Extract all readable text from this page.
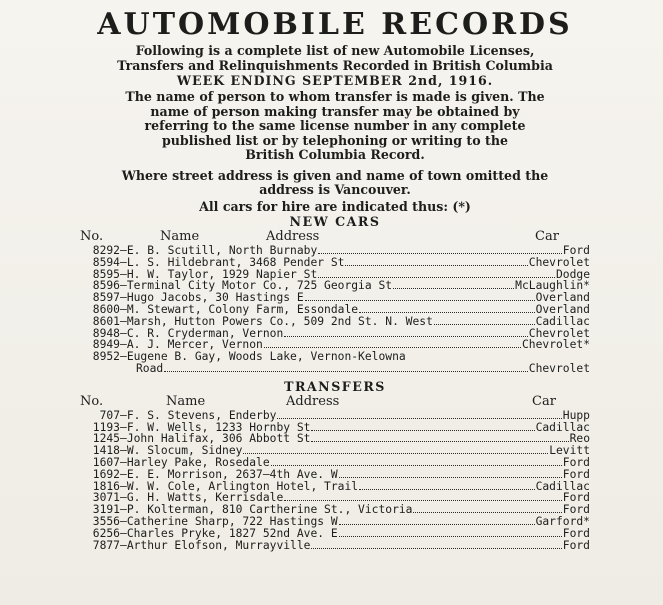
AUTOMOBILE RECORDS
Following is a complete list of new Automobile Licenses,
Transfers and Relinquishments Recorded in British Columbia
WEEK ENDING SEPTEMBER 2nd, 1916.
The name of person to whom transfer is made is given. The
name of person making transfer may be obtained by
referring to the same license number in any complete
published list or by telephoning or writing to the
British Columbia Record.
Where street address is given and name of town omitted the
address is Vancouver.
All cars for hire are indicated thus: (*)
NEW CARS
No.	Name	Address	Car
8292 — E. B. Scutill, North Burnaby	Ford
8594 — L. S. Hildebrant, 3468 Pender St	Chevrolet
8595 — H. W. Taylor, 1929 Napier St	Dodge
8596 — Terminal City Motor Co., 725 Georgia St	McLaughlin*
8597 — Hugo Jacobs, 30 Hastings E	Overland
8600 — M. Stewart, Colony Farm, Essondale	Overland
8601 — Marsh, Hutton Powers Co., 509 2nd St. N. West	Cadillac
8948 — C. R. Cryderman, Vernon	Chevrolet
8949 — A. J. Mercer, Vernon	Chevrolet*
8952 — Eugene B. Gay, Woods Lake, Vernon-Kelowna
Road	Chevrolet
TRANSFERS
No.	Name	Address	Car
707 — F. S. Stevens, Enderby	Hupp
1193 — F. W. Wells, 1233 Hornby St	Cadillac
1245 — John Halifax, 306 Abbott St	Reo
1418 — W. Slocum, Sidney	Levitt
1607 — Harley Pake, Rosedale	Ford
1692 — E. E. Morrison, 2637—4th Ave. W	Ford
1816 — W. W. Cole, Arlington Hotel, Trail	Cadillac
3071 — G. H. Watts, Kerrisdale	Ford
3191 — P. Kolterman, 810 Cartherine St., Victoria	Ford
3556 — Catherine Sharp, 722 Hastings W	Garford*
6256 — Charles Pryke, 1827 52nd Ave. E	Ford
7877 — Arthur Elofson, Murrayville	Ford
